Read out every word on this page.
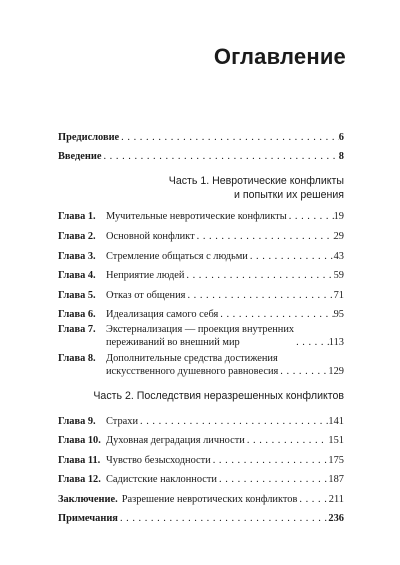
Оглавление
Предисловие . . .	6
Введение . . .	8
Часть 1. Невротические конфликты
и попытки их решения
Глава 1. Мучительные невротические конфликты . . .	19
Глава 2. Основной конфликт . . .	29
Глава 3. Стремление общаться с людьми . . .	43
Глава 4. Неприятие людей . . .	59
Глава 5. Отказ от общения . . .	71
Глава 6. Идеализация самого себя . . .	95
Глава 7. Экстернализация — проекция внутренних
переживаний во внешний мир . . .	113
Глава 8. Дополнительные средства достижения
искусственного душевного равновесия . . .	129
Часть 2. Последствия неразрешенных конфликтов
Глава 9. Страхи . . .	141
Глава 10. Духовная деградация личности . . .	151
Глава 11. Чувство безысходности . . .	175
Глава 12. Садистские наклонности . . .	187
Заключение. Разрешение невротических конфликтов . . .	211
Примечания . . .	236
